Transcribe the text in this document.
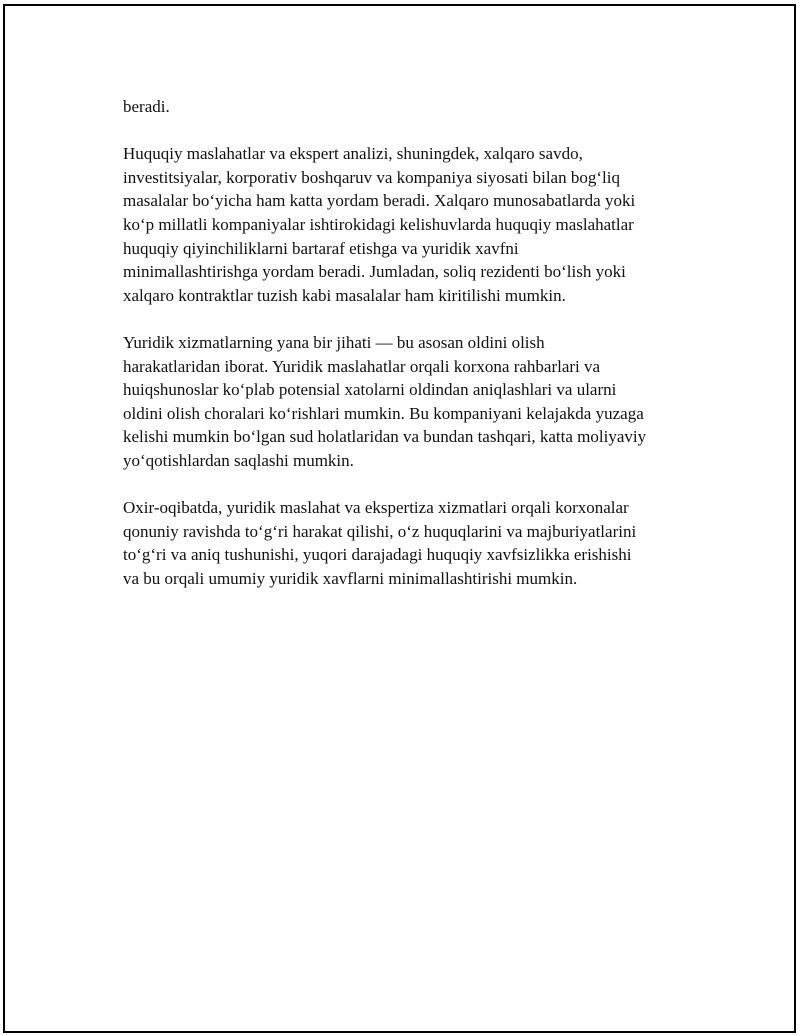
beradi.

Huquqiy maslahatlar va ekspert analizi, shuningdek, xalqaro savdo,
investitsiyalar, korporativ boshqaruv va kompaniya siyosati bilan bog‘liq
masalalar bo‘yicha ham katta yordam beradi. Xalqaro munosabatlarda yoki
ko‘p millatli kompaniyalar ishtirokidagi kelishuvlarda huquqiy maslahatlar
huquqiy qiyinchiliklarni bartaraf etishga va yuridik xavfni
minimallashtirishga yordam beradi. Jumladan, soliq rezidenti bo‘lish yoki
xalqaro kontraktlar tuzish kabi masalalar ham kiritilishi mumkin.

Yuridik xizmatlarning yana bir jihati — bu asosan oldini olish
harakatlaridan iborat. Yuridik maslahatlar orqali korxona rahbarlari va
huiqshunoslar ko‘plab potensial xatolarni oldindan aniqlashlari va ularni
oldini olish choralari ko‘rishlari mumkin. Bu kompaniyani kelajakda yuzaga
kelishi mumkin bo‘lgan sud holatlaridan va bundan tashqari, katta moliyaviy
yo‘qotishlardan saqlashi mumkin.

Oxir-oqibatda, yuridik maslahat va ekspertiza xizmatlari orqali korxonalar
qonuniy ravishda to‘g‘ri harakat qilishi, o‘z huquqlarini va majburiyatlarini
to‘g‘ri va aniq tushunishi, yuqori darajadagi huquqiy xavfsizlikka erishishi
va bu orqali umumiy yuridik xavflarni minimallashtirishi mumkin.
